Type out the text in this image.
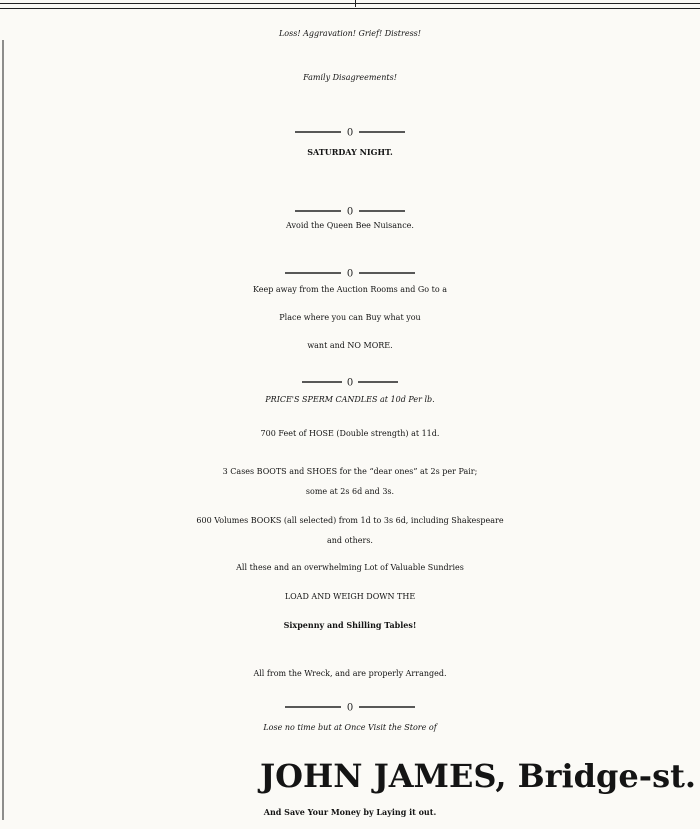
Loss! Aggravation! Grief! Distress!
Family Disagreements!
0
SATURDAY NIGHT.
0
Avoid the Queen Bee Nuisance.
0
Keep away from the Auction Rooms and Go to a
Place where you can Buy what you
want and NO MORE.
0
PRICE'S SPERM CANDLES at 10d Per lb.
700 Feet of HOSE (Double strength) at 11d.
3 Cases BOOTS and SHOES for the “dear ones” at 2s per Pair;
some at 2s 6d and 3s.
600 Volumes BOOKS (all selected) from 1d to 3s 6d, including Shakespeare
and others.
All these and an overwhelming Lot of Valuable Sundries
LOAD AND WEIGH DOWN THE
Sixpenny and Shilling Tables!
All from the Wreck, and are properly Arranged.
0
Lose no time but at Once Visit the Store of
JOHN JAMES, Bridge-st.
And Save Your Money by Laying it out.
